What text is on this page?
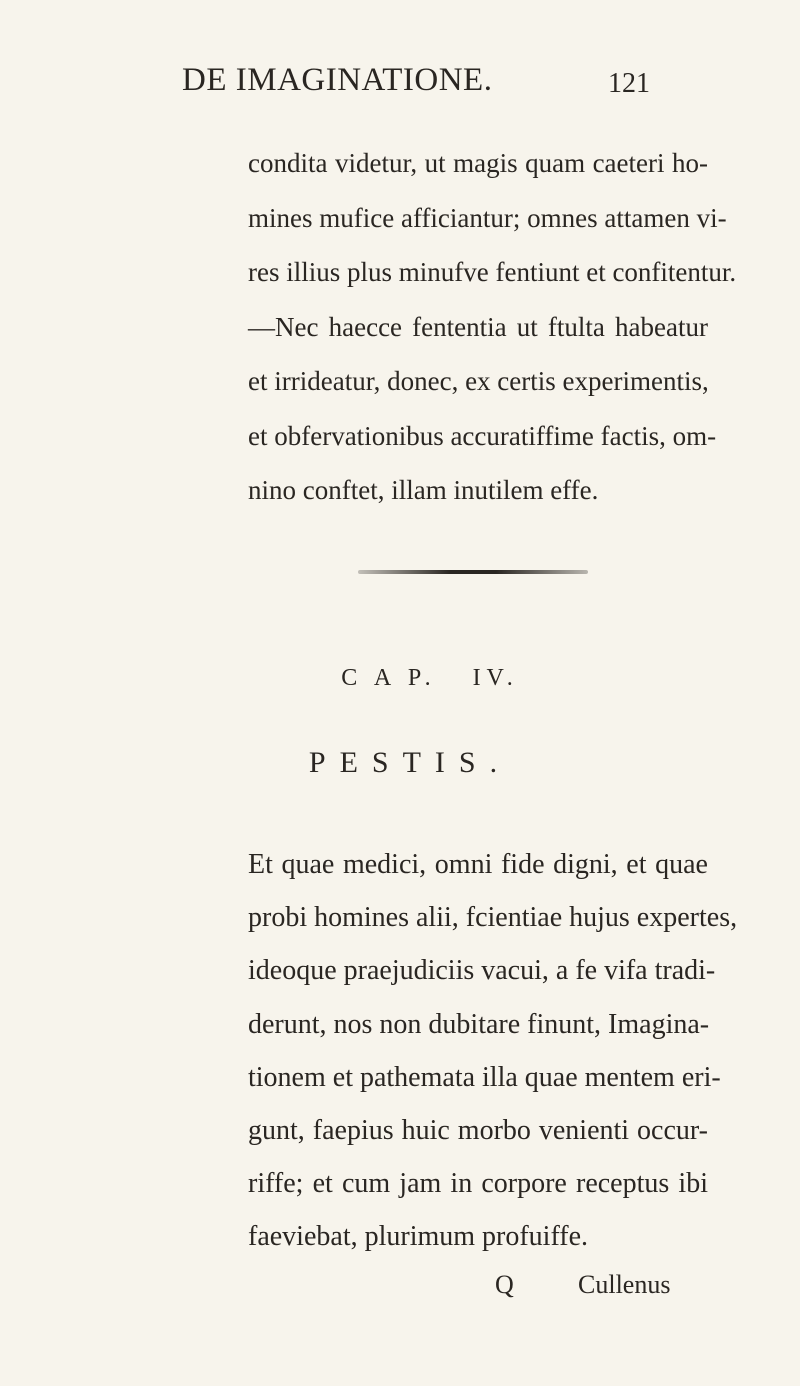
DE IMAGINATIONE.	121
condita videtur, ut magis quam caeteri ho-
mines mufice afficiantur; omnes attamen vi-
res illius plus minufve fentiunt et confitentur.
—Nec haecce fententia ut ftulta habeatur
et irrideatur, donec, ex certis experimentis,
et obfervationibus accuratiffime factis, om-
nino conftet, illam inutilem effe.
C A P.   IV.
PESTIS.
Et quae medici, omni fide digni, et quae
probi homines alii, fcientiae hujus expertes,
ideoque praejudiciis vacui, a fe vifa tradi-
derunt, nos non dubitare finunt, Imagina-
tionem et pathemata illa quae mentem eri-
gunt, faepius huic morbo venienti occur-
riffe; et cum jam in corpore receptus ibi
faeviebat, plurimum profuiffe.
Q Cullenus
